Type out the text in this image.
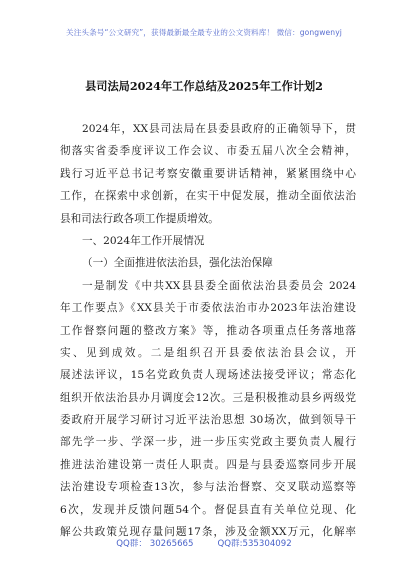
关注头条号“公文研究”，获得最新最全最专业的公文资料库！ 微信：gongwenyj
县司法局2024年工作总结及2025年工作计划2
2024年，XX县司法局在县委县政府的正确领导下，贯
彻落实省委季度评议工作会议、市委五届八次全会精神，
践行习近平总书记考察安徽重要讲话精神，紧紧围绕中心
工作，在探索中求创新，在实干中促发展，推动全面依法治
县和司法行政各项工作提质增效。
一、2024年工作开展情况
（一）全面推进依法治县，强化法治保障
一是制发《中共XX县县委全面依法治县委员会 2024
年工作要点》《XX县关于市委依法治市办2023年法治建设
工作督察问题的整改方案》等，推动各项重点任务落地落
实、见到成效。二是组织召开县委依法治县会议，开
展述法评议，15名党政负责人现场述法接受评议；常态化
组织开依法治县办月调度会12次。三是积极推动县乡两级党
委政府开展学习研讨习近平法治思想 30场次，做到领导干
部先学一步、学深一步，进一步压实党政主要负责人履行
推进法治建设第一责任人职责。四是与县委巡察同步开展
法治建设专项检查13次，参与法治督察、交叉联动巡察等
6次，发现并反馈问题54个。督促县直有关单位兑现、化
解公共政策兑现存量问题17条，涉及金额XX万元，化解率
QQ群： 30265665	QQ群:535304092
